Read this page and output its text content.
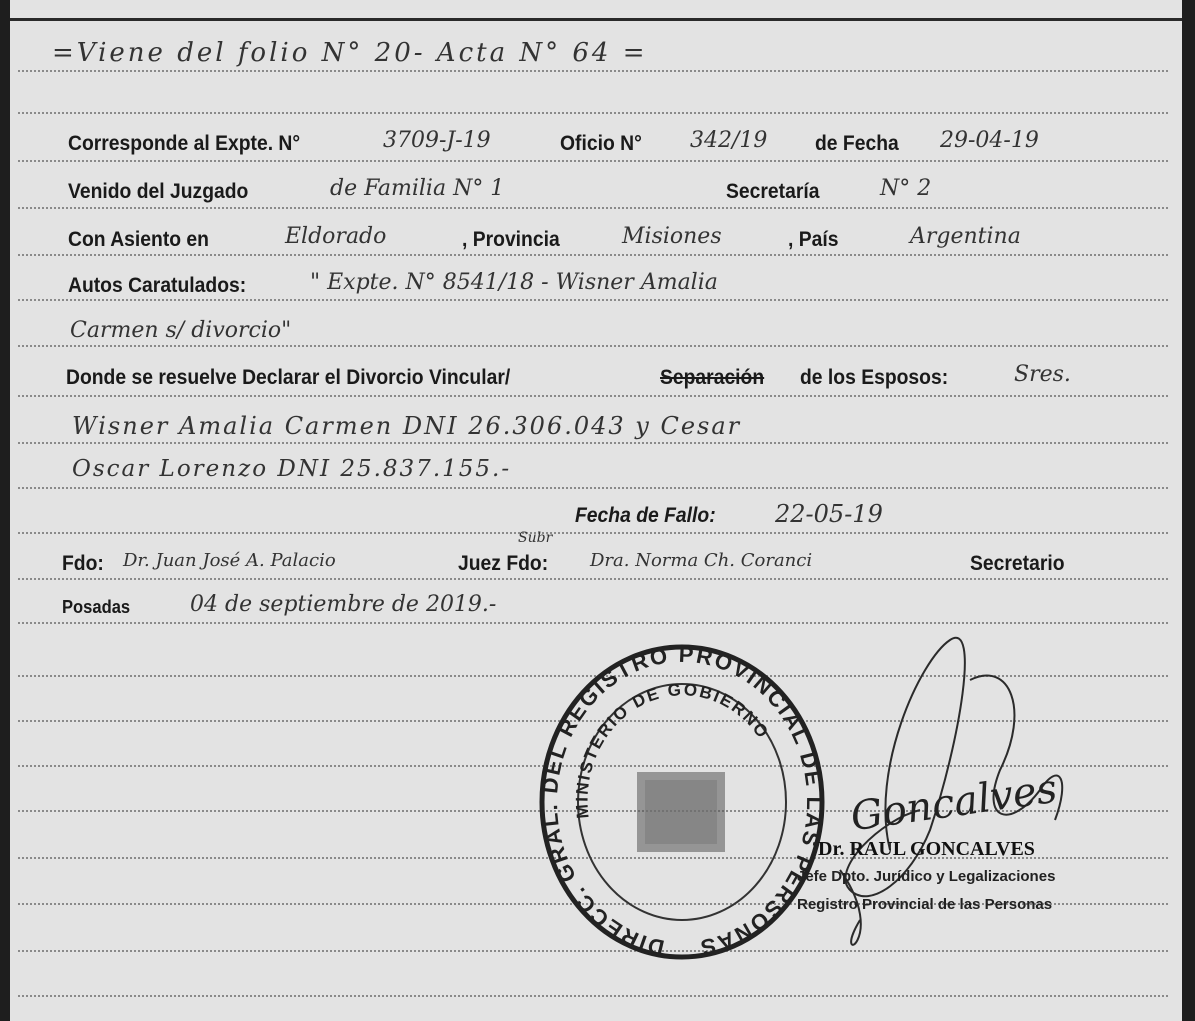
=Viene del folio N° 20- Acta N° 64 =
Corresponde al Expte. N°	3709-J-19	Oficio N° 342/19 de Fecha 29-04-19
Venido del Juzgado	de Familia N° 1	Secretaría	N° 2
Con Asiento en	Eldorado	, Provincia	Misiones	, País	Argentina
Autos Caratulados:	" Expte. N° 8541/18 - Wisner Amalia
Carmen s/ divorcio"
Donde se resuelve Declarar el Divorcio Vincular/	Separación de los Esposos:	Sres.
Wisner Amalia Carmen DNI 26.306.043 y Cesar
Oscar Lorenzo DNI 25.837.155.-
Fecha de Fallo: 22-05-19
Fdo: Dr. Juan José A. Palacio
Subr
Juez Fdo: Dra. Norma Ch. Coranci	Secretario
Posadas	04 de septiembre de 2019.-
DIRECC. GRAL. DEL REGISTRO PROVINCIAL DE LAS PERSONAS
MINISTERIO DE GOBIERNO
Goncalves
Dr. RAUL GONCALVES
Jefe Dpto. Jurídico y Legalizaciones
Registro Provincial de las Personas
